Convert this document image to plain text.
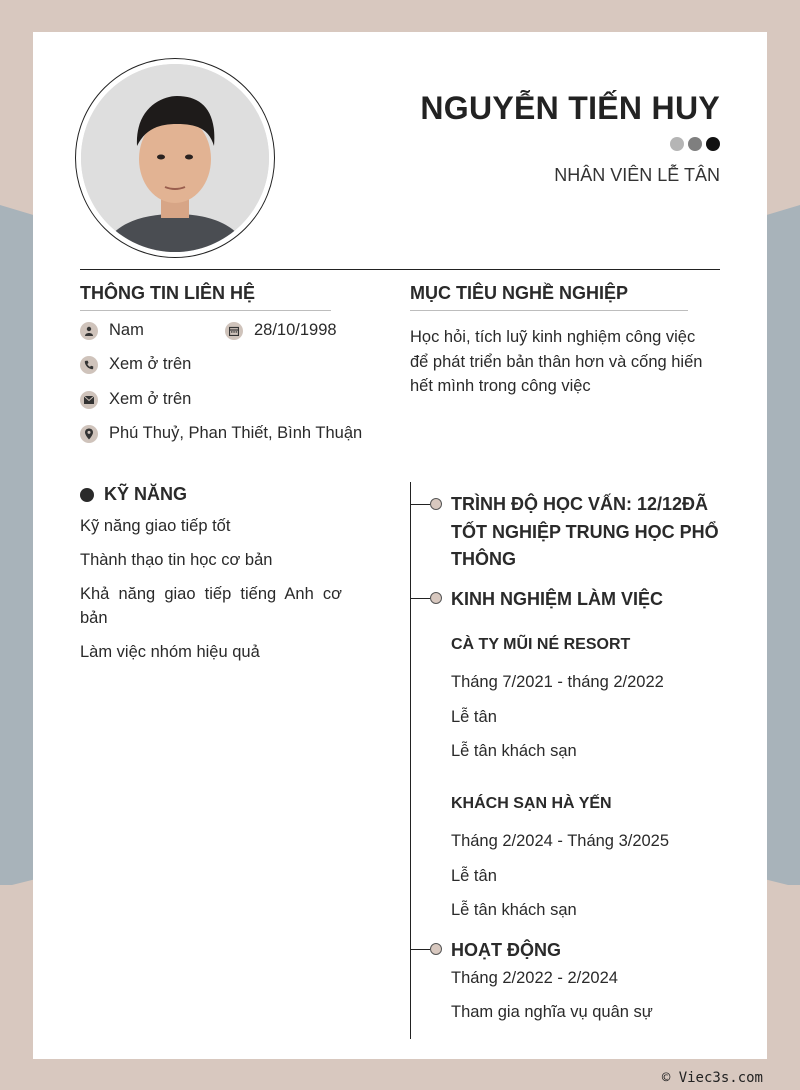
NGUYỄN TIẾN HUY
NHÂN VIÊN LỄ TÂN
THÔNG TIN LIÊN HỆ
Nam	28/10/1998
Xem ở trên
Xem ở trên
Phú Thuỷ, Phan Thiết, Bình Thuận
MỤC TIÊU NGHỀ NGHIỆP
Học hỏi, tích luỹ kinh nghiệm công việc để phát triển bản thân hơn và cống hiến hết mình trong công việc
KỸ NĂNG
Kỹ năng giao tiếp tốt
Thành thạo tin học cơ bản
Khả năng giao tiếp tiếng Anh cơ bản
Làm việc nhóm hiệu quả
TRÌNH ĐỘ HỌC VẤN: 12/12ĐÃ TỐT NGHIỆP TRUNG HỌC PHỔ THÔNG
KINH NGHIỆM LÀM VIỆC
CÀ TY MŨI NÉ RESORT
Tháng 7/2021 - tháng 2/2022
Lễ tân
Lễ tân khách sạn
KHÁCH SẠN HÀ YẾN
Tháng 2/2024 - Tháng 3/2025
Lễ tân
Lễ tân khách sạn
HOẠT ĐỘNG
Tháng 2/2022 - 2/2024
Tham gia nghĩa vụ quân sự
© Viec3s.com
